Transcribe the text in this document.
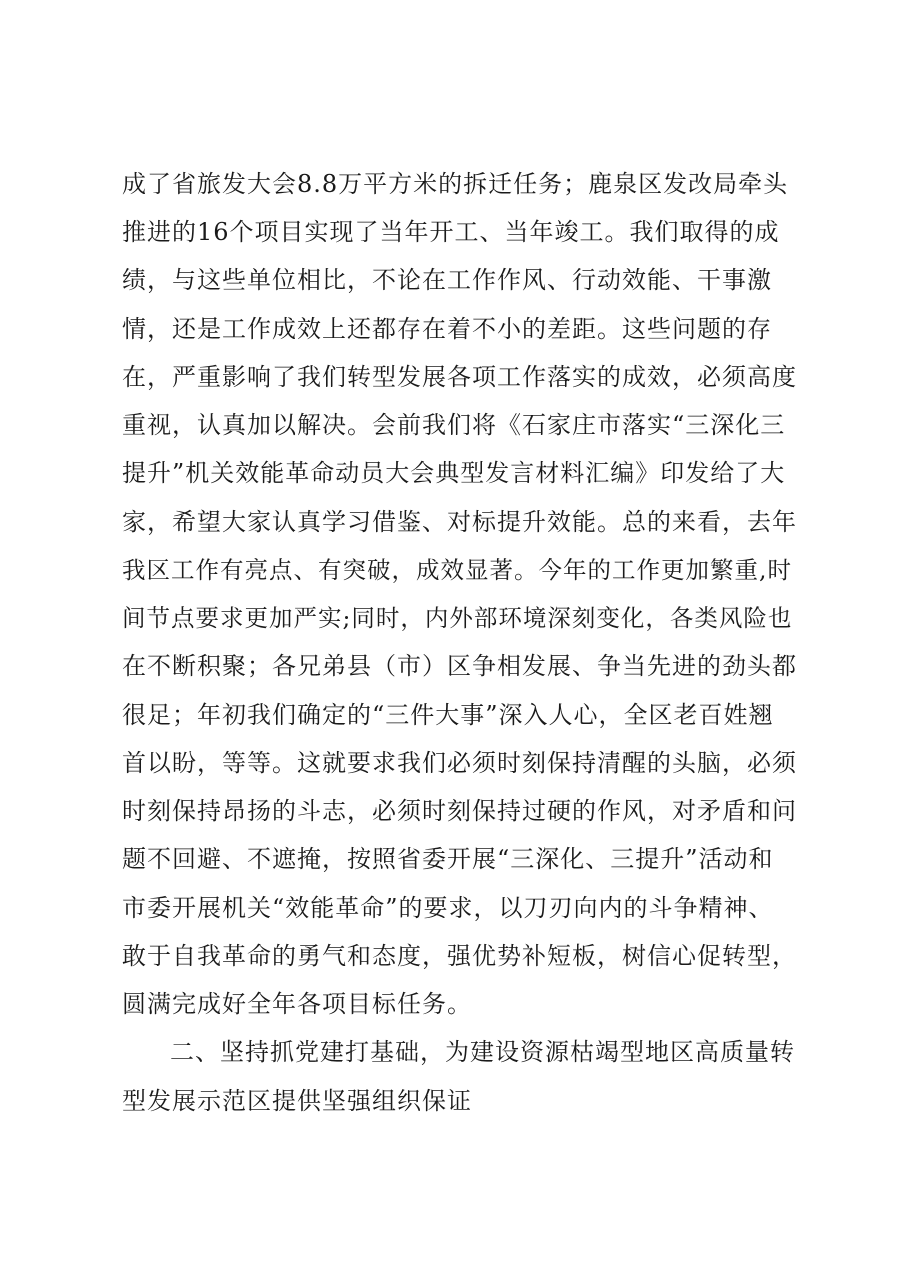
成了省旅发大会8.8万平方米的拆迁任务；鹿泉区发改局牵头
推进的16个项目实现了当年开工、当年竣工。我们取得的成
绩，与这些单位相比，不论在工作作风、行动效能、干事激
情，还是工作成效上还都存在着不小的差距。这些问题的存
在，严重影响了我们转型发展各项工作落实的成效，必须高度
重视，认真加以解决。会前我们将《石家庄市落实“三深化三
提升”机关效能革命动员大会典型发言材料汇编》印发给了大
家，希望大家认真学习借鉴、对标提升效能。总的来看，去年
我区工作有亮点、有突破，成效显著。今年的工作更加繁重,时
间节点要求更加严实;同时，内外部环境深刻变化，各类风险也
在不断积聚；各兄弟县（市）区争相发展、争当先进的劲头都
很足；年初我们确定的“三件大事”深入人心，全区老百姓翘
首以盼，等等。这就要求我们必须时刻保持清醒的头脑，必须
时刻保持昂扬的斗志，必须时刻保持过硬的作风，对矛盾和问
题不回避、不遮掩，按照省委开展“三深化、三提升”活动和
市委开展机关“效能革命”的要求，以刀刃向内的斗争精神、
敢于自我革命的勇气和态度，强优势补短板，树信心促转型，
圆满完成好全年各项目标任务。
二、坚持抓党建打基础，为建设资源枯竭型地区高质量转
型发展示范区提供坚强组织保证
